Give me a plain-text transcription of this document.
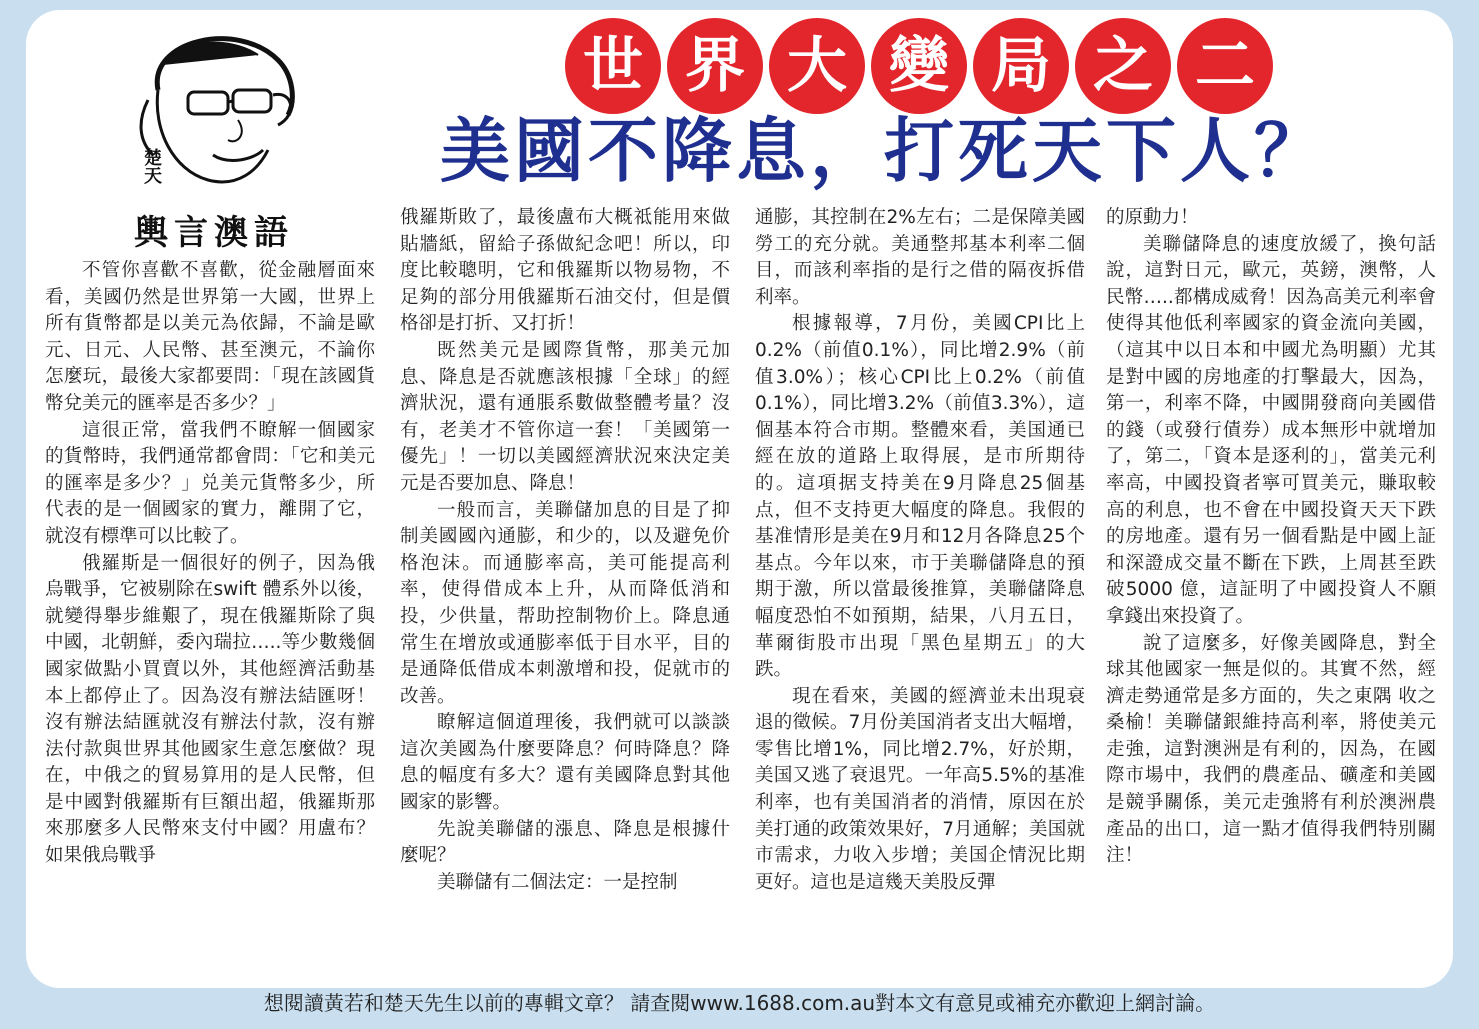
楚天
輿言澳語
世 界 大 變 局 之 二
美國不降息，打死天下人？

不管你喜歡不喜歡，從金融層面來看，美國仍然是世界第一大國，世界上所有貨幣都是以美元為依歸，不論是歐元、日元、人民幣、甚至澳元，不論你怎麼玩，最後大家都要問：「現在該國貨幣兌美元的匯率是否多少？」

這很正常，當我們不瞭解一個國家的貨幣時，我們通常都會問：「它和美元的匯率是多少？」兑美元貨幣多少，所代表的是一個國家的實力，離開了它，就沒有標準可以比較了。

俄羅斯是一個很好的例子，因為俄烏戰爭，它被剔除在swift 體系外以後，就變得舉步維艱了，現在俄羅斯除了與中國，北朝鮮，委內瑞拉…..等少數幾個國家做點小買賣以外，其他經濟活動基本上都停止了。因為沒有辦法結匯呀！沒有辦法結匯就沒有辦法付款，沒有辦法付款與世界其他國家生意怎麼做？現在，中俄之的貿易算用的是人民幣，但是中國對俄羅斯有巨額出超，俄羅斯那來那麼多人民幣來支付中國？用盧布？如果俄烏戰爭

俄羅斯敗了，最後盧布大概祗能用來做貼牆紙，留給子孫做紀念吧！所以，印度比較聰明，它和俄羅斯以物易物，不足夠的部分用俄羅斯石油交付，但是價格卻是打折、又打折！

既然美元是國際貨幣，那美元加息、降息是否就應該根據「全球」的經濟狀況，還有通脹系數做整體考量？沒有，老美才不管你這一套！「美國第一優先」！一切以美國經濟狀況來決定美元是否要加息、降息！

一般而言，美聯儲加息的目是了抑制美國國內通膨，和少的，以及避免价格泡沫。而通膨率高，美可能提高利率，使得借成本上升，从而降低消和投，少供量，帮助控制物价上。降息通常生在增放或通膨率低于目水平，目的是通降低借成本刺激增和投，促就市的改善。

瞭解這個道理後，我們就可以談談這次美國為什麼要降息？何時降息？降息的幅度有多大？還有美國降息對其他國家的影響。

先說美聯儲的漲息、降息是根據什麼呢？

美聯儲有二個法定：一是控制

通膨，其控制在2%左右；二是保障美國勞工的充分就。美通整邦基本利率二個目，而該利率指的是行之借的隔夜拆借利率。

根據報導，7月份，美國CPI比上0.2%（前值0.1%），同比增2.9%（前值3.0%）；核心CPI比上0.2%（前值0.1%），同比增3.2%（前值3.3%），這個基本符合市期。整體來看，美国通已經在放的道路上取得展，是市所期待的。這項据支持美在9月降息25個基点，但不支持更大幅度的降息。我假的基准情形是美在9月和12月各降息25个基点。今年以來，市于美聯儲降息的預期于激，所以當最後推算，美聯儲降息幅度恐怕不如預期，結果，八月五日，華爾街股市出現「黑色星期五」的大跌。

現在看來，美國的經濟並未出現衰退的徵候。7月份美国消者支出大幅增，零售比增1%，同比增2.7%，好於期，美国又逃了衰退咒。一年高5.5%的基准利率，也有美国消者的消情，原因在於美打通的政策效果好，7月通解；美国就市需求，力收入步增；美国企情況比期更好。這也是這幾天美股反彈

的原動力！

美聯儲降息的速度放緩了，換句話說，這對日元，歐元，英鎊，澳幣，人民幣…..都構成威脅！因為高美元利率會使得其他低利率國家的資金流向美國，（這其中以日本和中國尤為明顯）尤其是對中國的房地產的打擊最大，因為，第一，利率不降，中國開發商向美國借的錢（或發行債券）成本無形中就增加了，第二，「資本是逐利的」，當美元利率高，中國投資者寧可買美元，賺取較高的利息，也不會在中國投資天天下跌的房地產。還有另一個看點是中國上証和深證成交量不斷在下跌，上周甚至跌破5000 億，這証明了中國投資人不願拿錢出來投資了。

說了這麼多，好像美國降息，對全球其他國家一無是似的。其實不然，經濟走勢通常是多方面的，失之東隅 收之桑榆！美聯儲銀維持高利率，將使美元走強，這對澳洲是有利的，因為，在國際市場中，我們的農產品、礦產和美國是競爭關係，美元走強將有利於澳洲農產品的出口，這一點才值得我們特別關注！

想閱讀黃若和楚天先生以前的專輯文章？ 請查閱www.1688.com.au對本文有意見或補充亦歡迎上網討論。
